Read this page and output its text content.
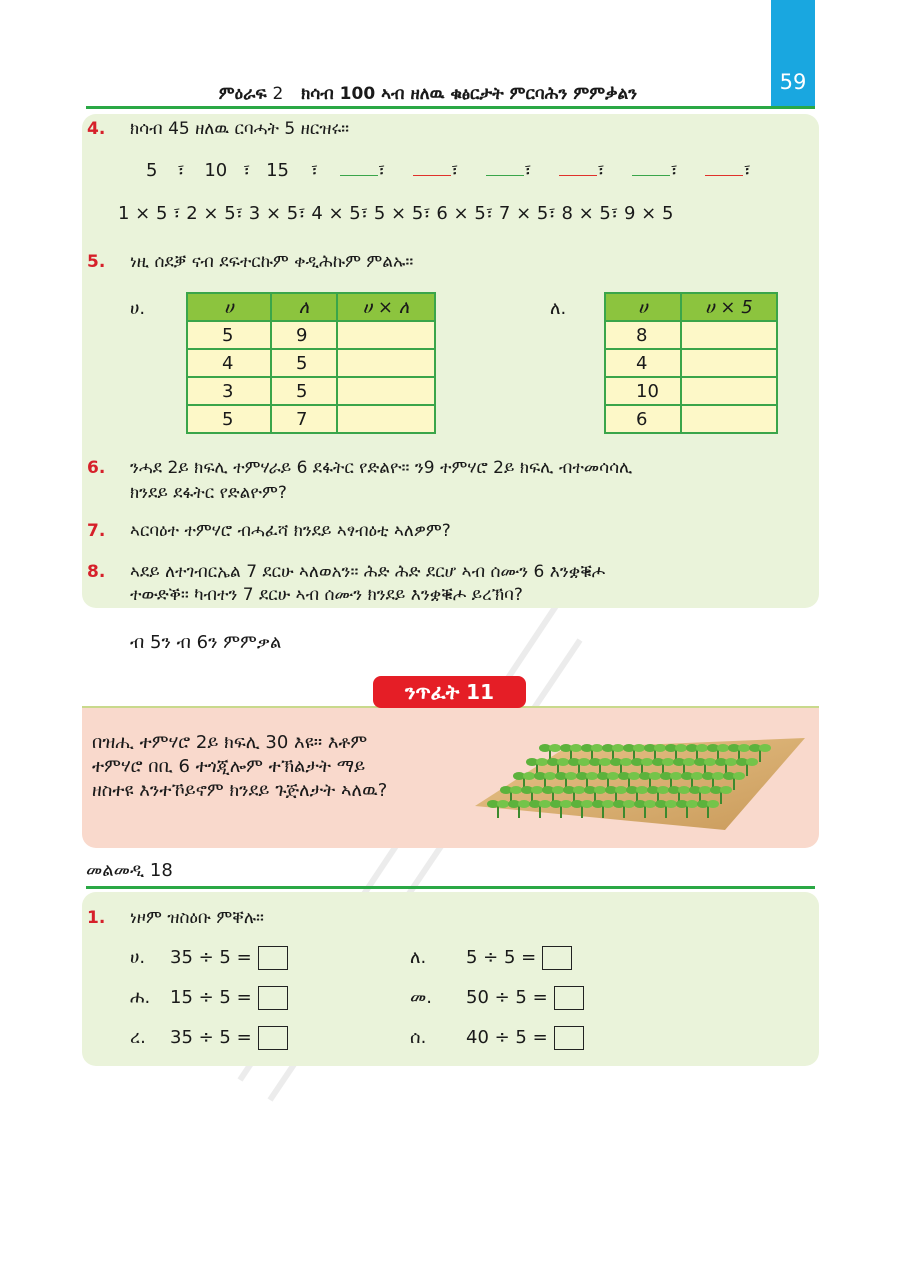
59
ምዕራፍ 2 ክሳብ 100 ኣብ ዘለዉ ቁፅርታት ምርባሕን ምምቃልን
4. ክሳብ 45 ዘለዉ ርባሓት 5 ዘርዝሩ።
5 ፣ 10 ፣ 15 ፣	፣	፣	፣	፣	፣	፣
1 × 5 ፣ 2 × 5፣ 3 × 5፣ 4 × 5፣ 5 × 5፣ 6 × 5፣ 7 × 5፣ 8 × 5፣ 9 × 5
5. ነዚ ሰደቓ ናብ ደፍተርኩም ቀዲሕኩም ምልኡ።
ሀ.	ሀ	ለ	ሀ × ለ
5	9	
4	5	
3	5	
5	7	
ለ.	ሀ	ሀ × 5
8	
4	
10	
6	
6. ንሓደ 2ይ ክፍሊ ተምሃራይ 6 ደፋትር የድልዮ። ን9 ተምሃሮ 2ይ ክፍሊ ብተመሳሳሊ
ክንደይ ደፋትር የድልዮም?
7. ኣርባዕተ ተምሃሮ ብሓፈሻ ክንደይ ኣፃብዕቲ ኣለዎም?
8. ኣደይ ለተገብርኤል 7 ደርሁ ኣለወአን። ሕድ ሕድ ደርሆ ኣብ ሰሙን 6 እንቋቑሖ
ተውድቕ። ካብተን 7 ደርሁ ኣብ ሰሙን ክንደይ እንቋቑሖ ይረኽባ?
ብ 5ን ብ 6ን ምምቃል
ንጥፈት 11
በዝሒ ተምሃሮ 2ይ ክፍሊ 30 እዩ። እቶም
ተምሃሮ በቢ 6 ተጎጂሎም ተኽልታት ማይ
ዘስተዩ እንተኾይኖም ክንደይ ጉጅለታት ኣለዉ?
መልመዲ 18
1. ነዞም ዝስዕቡ ምቐሉ።
ሀ. 35 ÷ 5 =	ለ. 5 ÷ 5 =
ሐ. 15 ÷ 5 =	መ. 50 ÷ 5 =
ረ. 35 ÷ 5 =	ሰ. 40 ÷ 5 =
